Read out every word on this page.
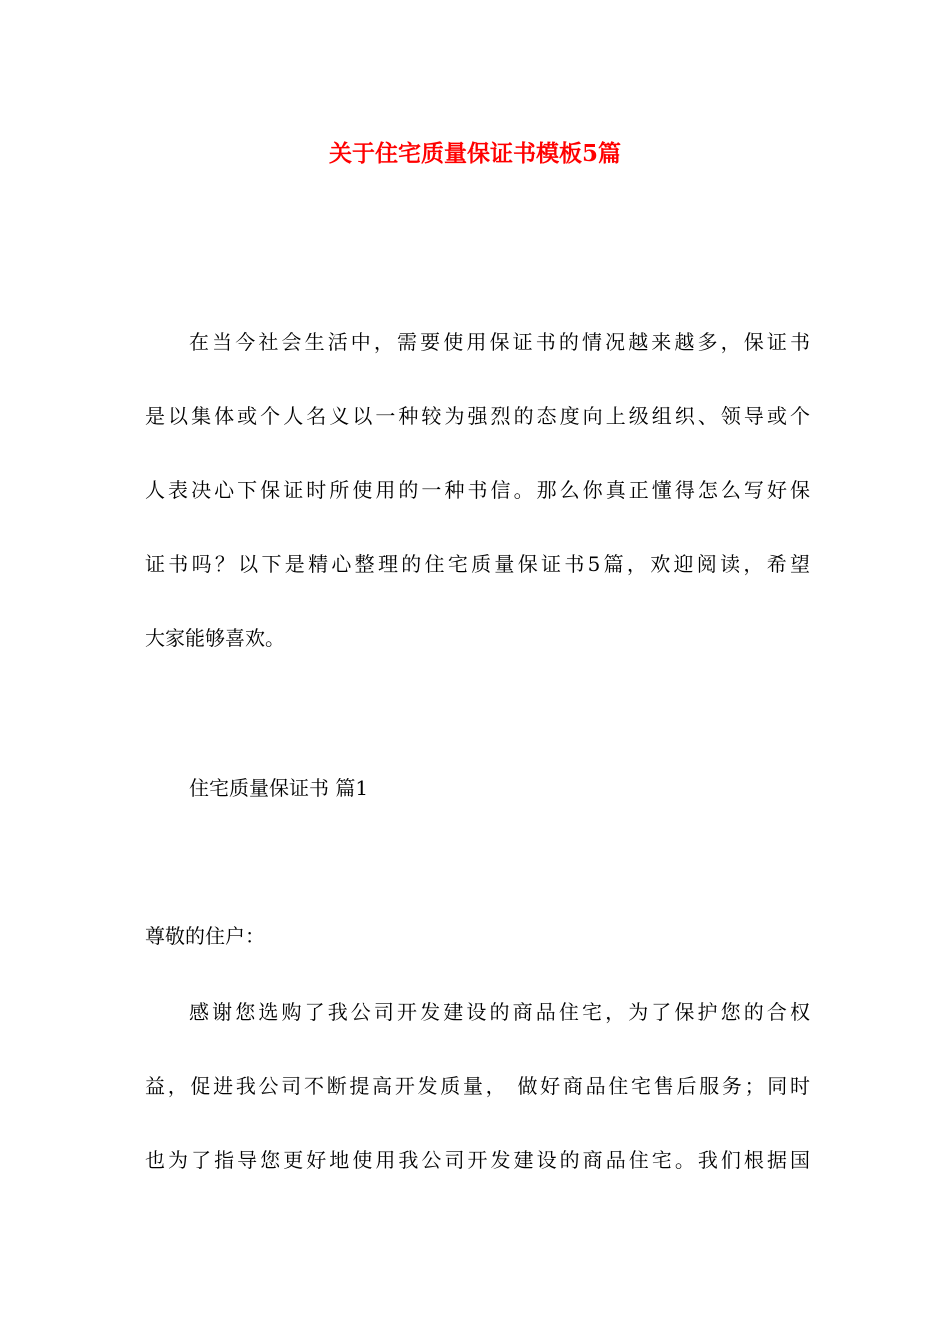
关于住宅质量保证书模板5篇

在当今社会生活中，需要使用保证书的情况越来越多，保证书

是以集体或个人名义以一种较为强烈的态度向上级组织、领导或个

人表决心下保证时所使用的一种书信。那么你真正懂得怎么写好保

证书吗？以下是精心整理的住宅质量保证书5篇，欢迎阅读，希望

大家能够喜欢。

住宅质量保证书 篇1

尊敬的住户：

感谢您选购了我公司开发建设的商品住宅，为了保护您的合权

益，促进我公司不断提高开发质量， 做好商品住宅售后服务；同时

也为了指导您更好地使用我公司开发建设的商品住宅。我们根据国
